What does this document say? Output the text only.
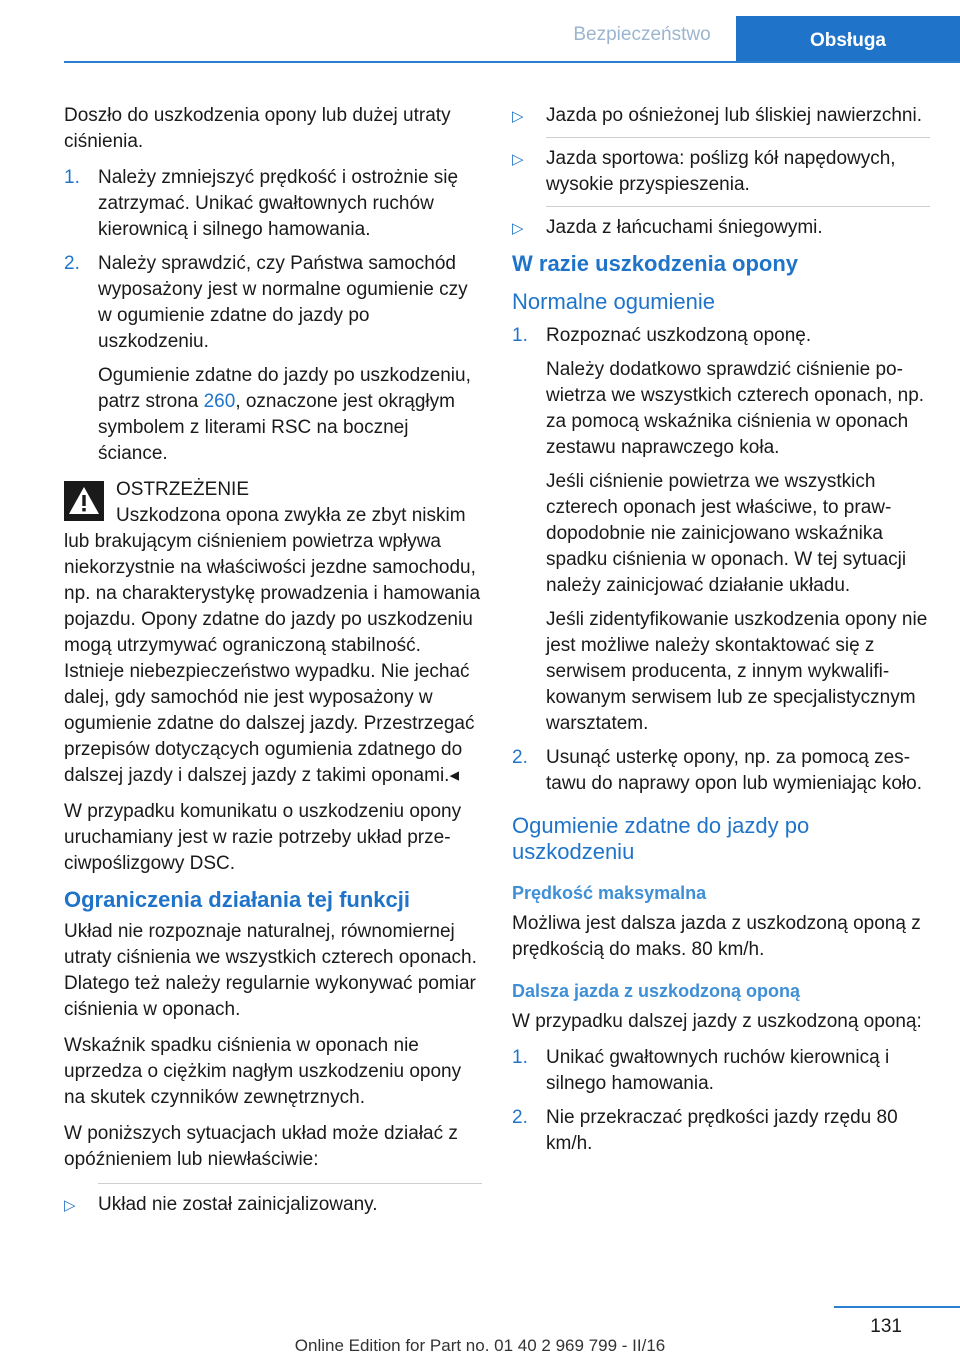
Bezpieczeństwo	Obsługa

Doszło do uszkodzenia opony lub dużej utraty ciśnienia.

1. Należy zmniejszyć prędkość i ostrożnie się zatrzymać. Unikać gwałtownych ruchów kierownicą i silnego hamowania.
2. Należy sprawdzić, czy Państwa samochód wyposażony jest w normalne ogumienie czy w ogumienie zdatne do jazdy po uszkodzeniu.
Ogumienie zdatne do jazdy po uszkodzeniu, patrz strona 260, oznaczone jest okrągłym symbolem z literami RSC na bocznej ściance.
OSTRZEŻENIE
Uszkodzona opona zwykła ze zbyt niskim lub brakującym ciśnieniem powietrza wpływa niekorzystnie na właściwości jezdne samochodu, np. na charakterystykę prowadzenia i hamowania pojazdu. Opony zdatne do jazdy po uszkodzeniu mogą utrzymywać ograniczoną stabilność. Istnieje niebezpieczeństwo wypadku. Nie jechać dalej, gdy samochód nie jest wyposażony w ogumienie zdatne do dalszej jazdy. Przestrzegać przepisów dotyczących ogumienia zdatnego do dalszej jazdy i dalszej jazdy z takimi oponami.◂

W przypadku komunikatu o uszkodzeniu opony uruchamiany jest w razie potrzeby układ przeciwpoślizgowy DSC.

Ograniczenia działania tej funkcji

Układ nie rozpoznaje naturalnej, równomiernej utraty ciśnienia we wszystkich czterech oponach. Dlatego też należy regularnie wykonywać pomiar ciśnienia w oponach.

Wskaźnik spadku ciśnienia w oponach nie uprzedza o ciężkim nagłym uszkodzeniu opony na skutek czynników zewnętrznych.

W poniższych sytuacjach układ może działać z opóźnieniem lub niewłaściwie:

▷ Układ nie został zainicjalizowany.
▷ Jazda po ośnieżonej lub śliskiej nawierzchni.
▷ Jazda sportowa: poślizg kół napędowych, wysokie przyspieszenia.
▷ Jazda z łańcuchami śniegowymi.
W razie uszkodzenia opony
Normalne ogumienie
1. Rozpoznać uszkodzoną oponę.
Należy dodatkowo sprawdzić ciśnienie powietrza we wszystkich czterech oponach, np. za pomocą wskaźnika ciśnienia w oponach zestawu naprawczego koła.
Jeśli ciśnienie powietrza we wszystkich czterech oponach jest właściwe, to prawdopodobnie nie zainicjowano wskaźnika spadku ciśnienia w oponach. W tej sytuacji należy zainicjować działanie układu.
Jeśli zidentyfikowanie uszkodzenia opony nie jest możliwe należy skontaktować się z serwisem producenta, z innym wykwalifikowanym serwisem lub ze specjalistycznym warsztatem.
2. Usunąć usterkę opony, np. za pomocą zestawu do naprawy opon lub wymieniając koło.
Ogumienie zdatne do jazdy po uszkodzeniu
Prędkość maksymalna

Możliwa jest dalsza jazda z uszkodzoną oponą z prędkością do maks. 80 km/h.

Dalsza jazda z uszkodzoną oponą

W przypadku dalszej jazdy z uszkodzoną oponą:

1. Unikać gwałtownych ruchów kierownicą i silnego hamowania.
2. Nie przekraczać prędkości jazdy rzędu 80 km/h.
131
Online Edition for Part no. 01 40 2 969 799 - II/16
